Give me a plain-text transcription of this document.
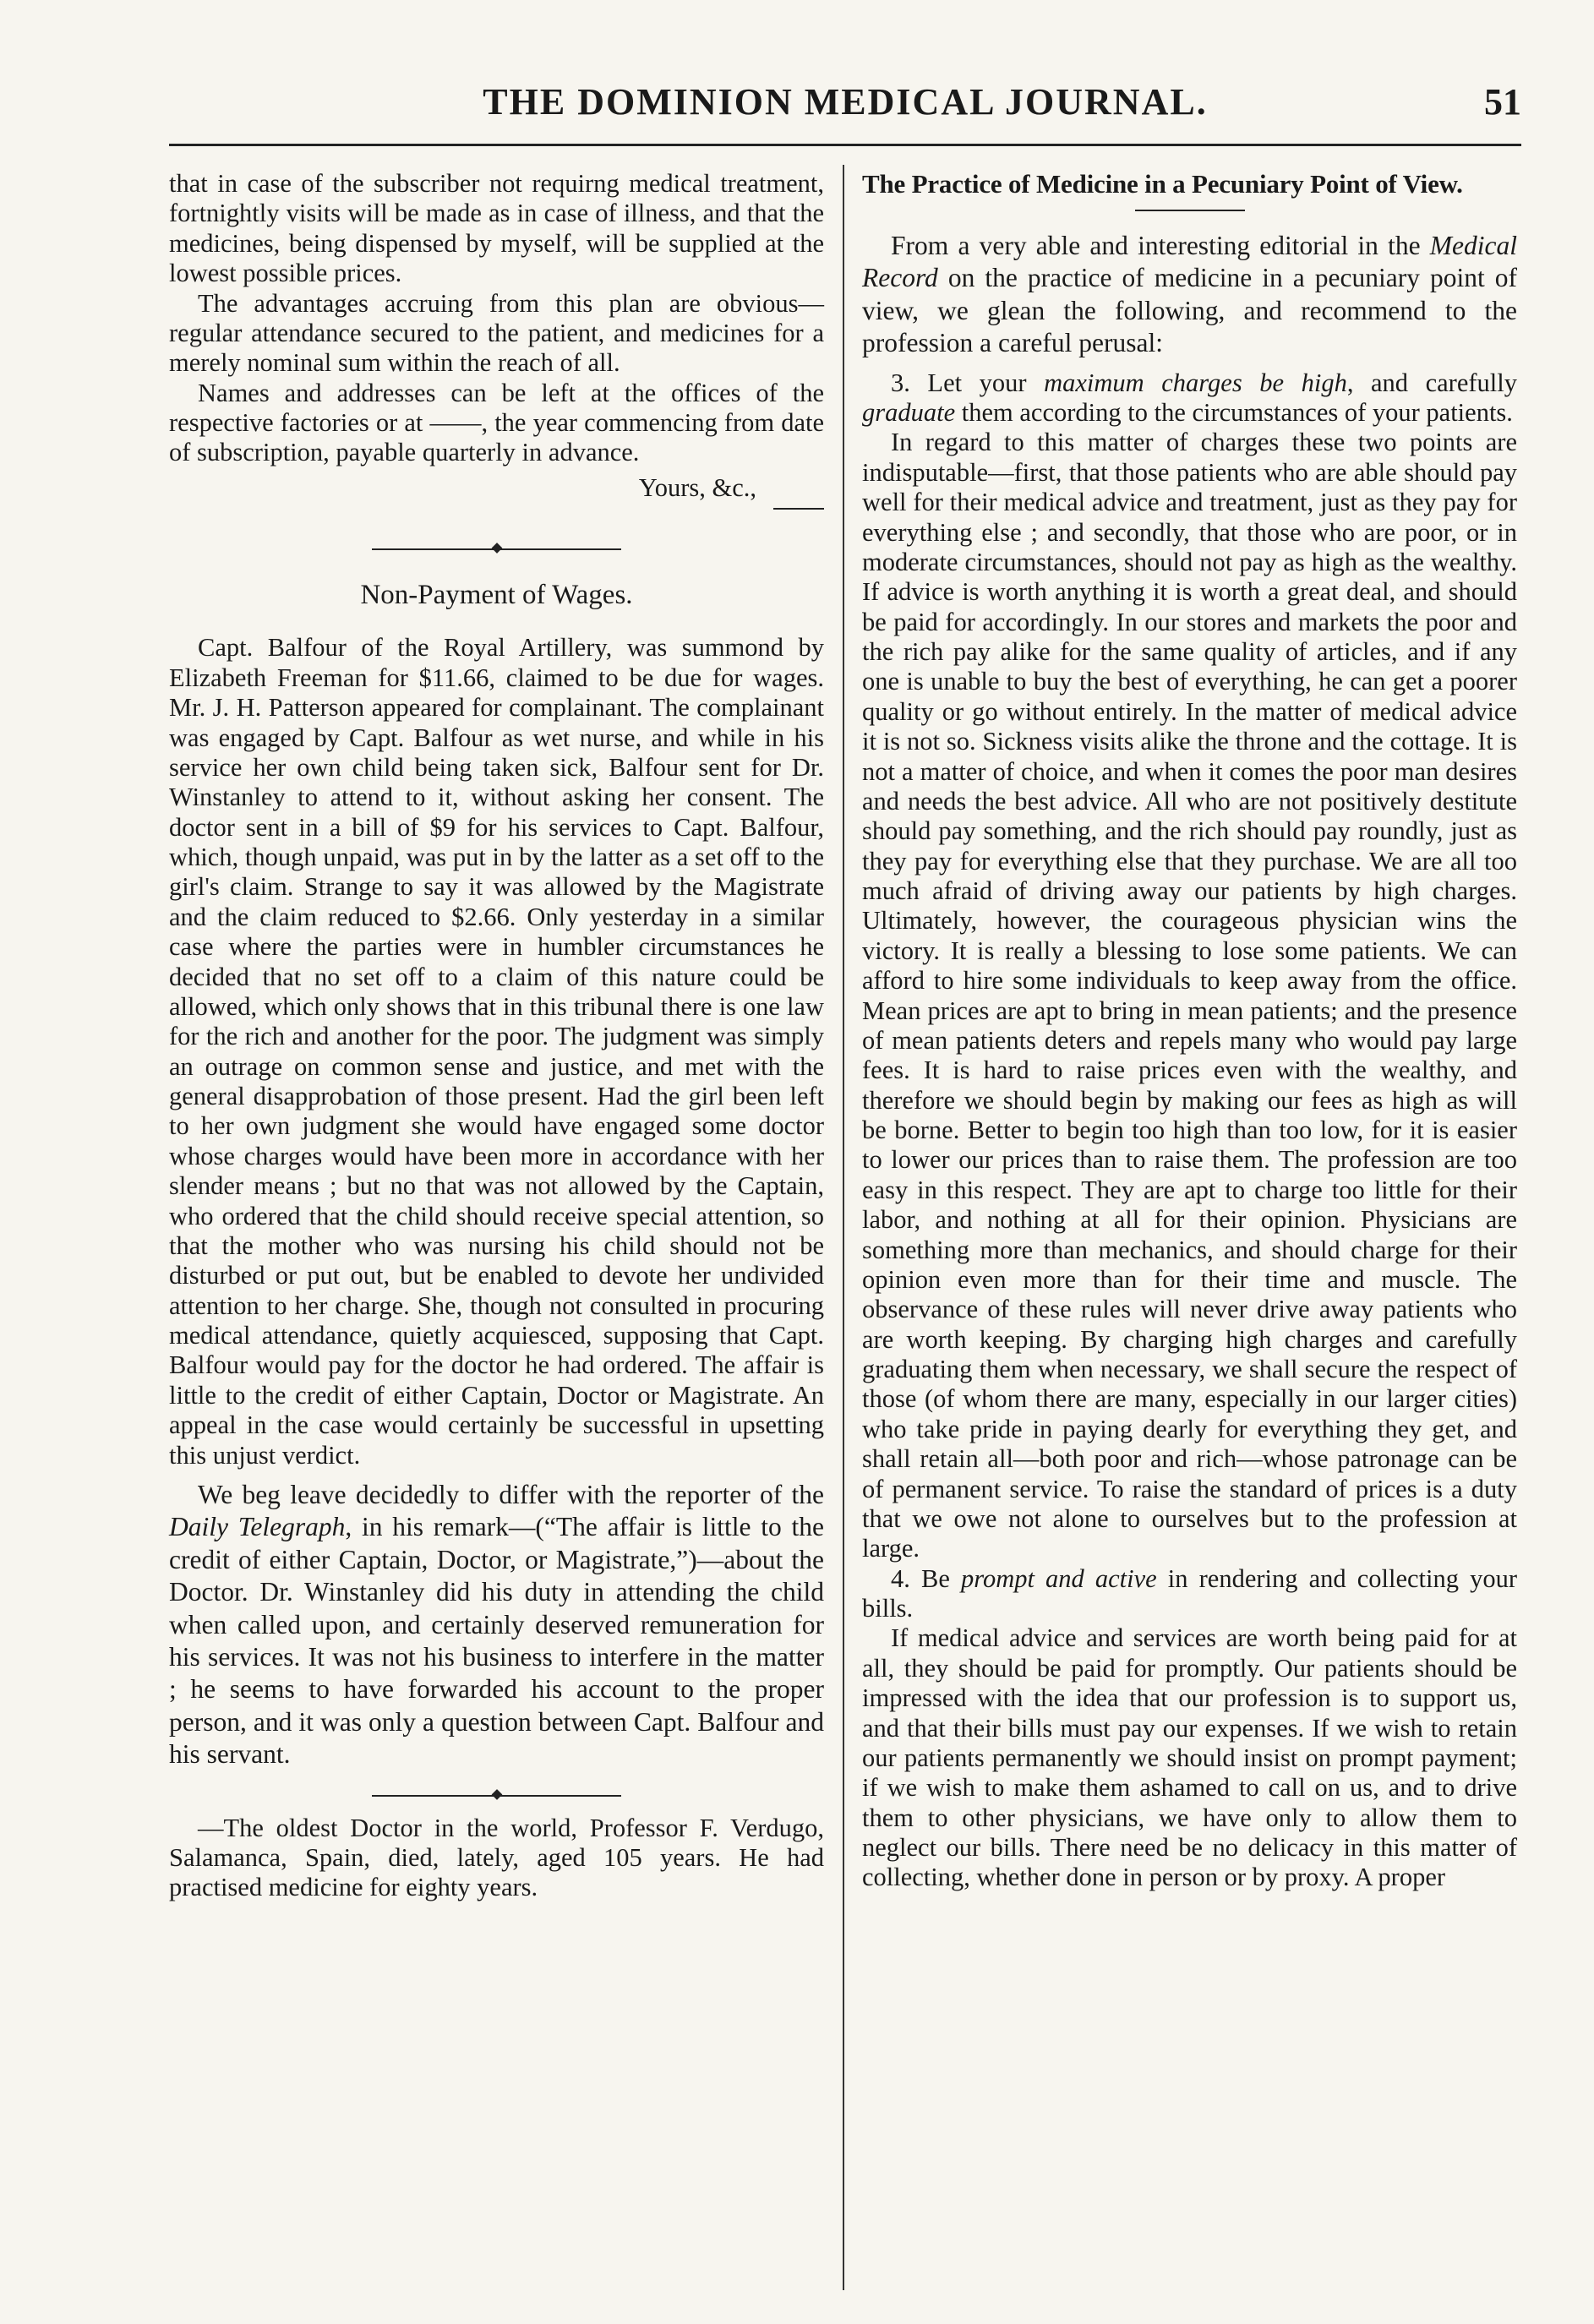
THE DOMINION MEDICAL JOURNAL.	51

that in case of the subscriber not requirng medical treatment, fortnightly visits will be made as in case of illness, and that the medicines, being dispensed by myself, will be supplied at the lowest possible prices.

The advantages accruing from this plan are obvious—regular attendance secured to the patient, and medicines for a merely nominal sum within the reach of all.

Names and addresses can be left at the offices of the respective factories or at ——, the year commencing from date of subscription, payable quarterly in advance.

Yours, &c.,

Non-Payment of Wages.

Capt. Balfour of the Royal Artillery, was summond by Elizabeth Freeman for $11.66, claimed to be due for wages. Mr. J. H. Patterson appeared for complainant. The complainant was engaged by Capt. Balfour as wet nurse, and while in his service her own child being taken sick, Balfour sent for Dr. Winstanley to attend to it, without asking her consent. The doctor sent in a bill of $9 for his services to Capt. Balfour, which, though unpaid, was put in by the latter as a set off to the girl's claim. Strange to say it was allowed by the Magistrate and the claim reduced to $2.66. Only yesterday in a similar case where the parties were in humbler circumstances he decided that no set off to a claim of this nature could be allowed, which only shows that in this tribunal there is one law for the rich and another for the poor. The judgment was simply an outrage on common sense and justice, and met with the general disapprobation of those present. Had the girl been left to her own judgment she would have engaged some doctor whose charges would have been more in accordance with her slender means ; but no that was not allowed by the Captain, who ordered that the child should receive special attention, so that the mother who was nursing his child should not be disturbed or put out, but be enabled to devote her undivided attention to her charge. She, though not consulted in procuring medical attendance, quietly acquiesced, supposing that Capt. Balfour would pay for the doctor he had ordered. The affair is little to the credit of either Captain, Doctor or Magistrate. An appeal in the case would certainly be successful in upsetting this unjust verdict.

We beg leave decidedly to differ with the reporter of the Daily Telegraph, in his remark—(“The affair is little to the credit of either Captain, Doctor, or Magistrate,”)—about the Doctor. Dr. Winstanley did his duty in attending the child when called upon, and certainly deserved remuneration for his services. It was not his business to interfere in the matter ; he seems to have forwarded his account to the proper person, and it was only a question between Capt. Balfour and his servant.

—The oldest Doctor in the world, Professor F. Verdugo, Salamanca, Spain, died, lately, aged 105 years. He had practised medicine for eighty years.

The Practice of Medicine in a Pecuniary Point of View.

From a very able and interesting editorial in the Medical Record on the practice of medicine in a pecuniary point of view, we glean the following, and recommend to the profession a careful perusal:

3. Let your maximum charges be high, and carefully graduate them according to the circumstances of your patients.

In regard to this matter of charges these two points are indisputable—first, that those patients who are able should pay well for their medical advice and treatment, just as they pay for everything else ; and secondly, that those who are poor, or in moderate circumstances, should not pay as high as the wealthy. If advice is worth anything it is worth a great deal, and should be paid for accordingly. In our stores and markets the poor and the rich pay alike for the same quality of articles, and if any one is unable to buy the best of everything, he can get a poorer quality or go without entirely. In the matter of medical advice it is not so. Sickness visits alike the throne and the cottage. It is not a matter of choice, and when it comes the poor man desires and needs the best advice. All who are not positively destitute should pay something, and the rich should pay roundly, just as they pay for everything else that they purchase. We are all too much afraid of driving away our patients by high charges. Ultimately, however, the courageous physician wins the victory. It is really a blessing to lose some patients. We can afford to hire some individuals to keep away from the office. Mean prices are apt to bring in mean patients; and the presence of mean patients deters and repels many who would pay large fees. It is hard to raise prices even with the wealthy, and therefore we should begin by making our fees as high as will be borne. Better to begin too high than too low, for it is easier to lower our prices than to raise them. The profession are too easy in this respect. They are apt to charge too little for their labor, and nothing at all for their opinion. Physicians are something more than mechanics, and should charge for their opinion even more than for their time and muscle. The observance of these rules will never drive away patients who are worth keeping. By charging high charges and carefully graduating them when necessary, we shall secure the respect of those (of whom there are many, especially in our larger cities) who take pride in paying dearly for everything they get, and shall retain all—both poor and rich—whose patronage can be of permanent service. To raise the standard of prices is a duty that we owe not alone to ourselves but to the profession at large.

4. Be prompt and active in rendering and collecting your bills.

If medical advice and services are worth being paid for at all, they should be paid for promptly. Our patients should be impressed with the idea that our profession is to support us, and that their bills must pay our expenses. If we wish to retain our patients permanently we should insist on prompt payment; if we wish to make them ashamed to call on us, and to drive them to other physicians, we have only to allow them to neglect our bills. There need be no delicacy in this matter of collecting, whether done in person or by proxy. A proper
